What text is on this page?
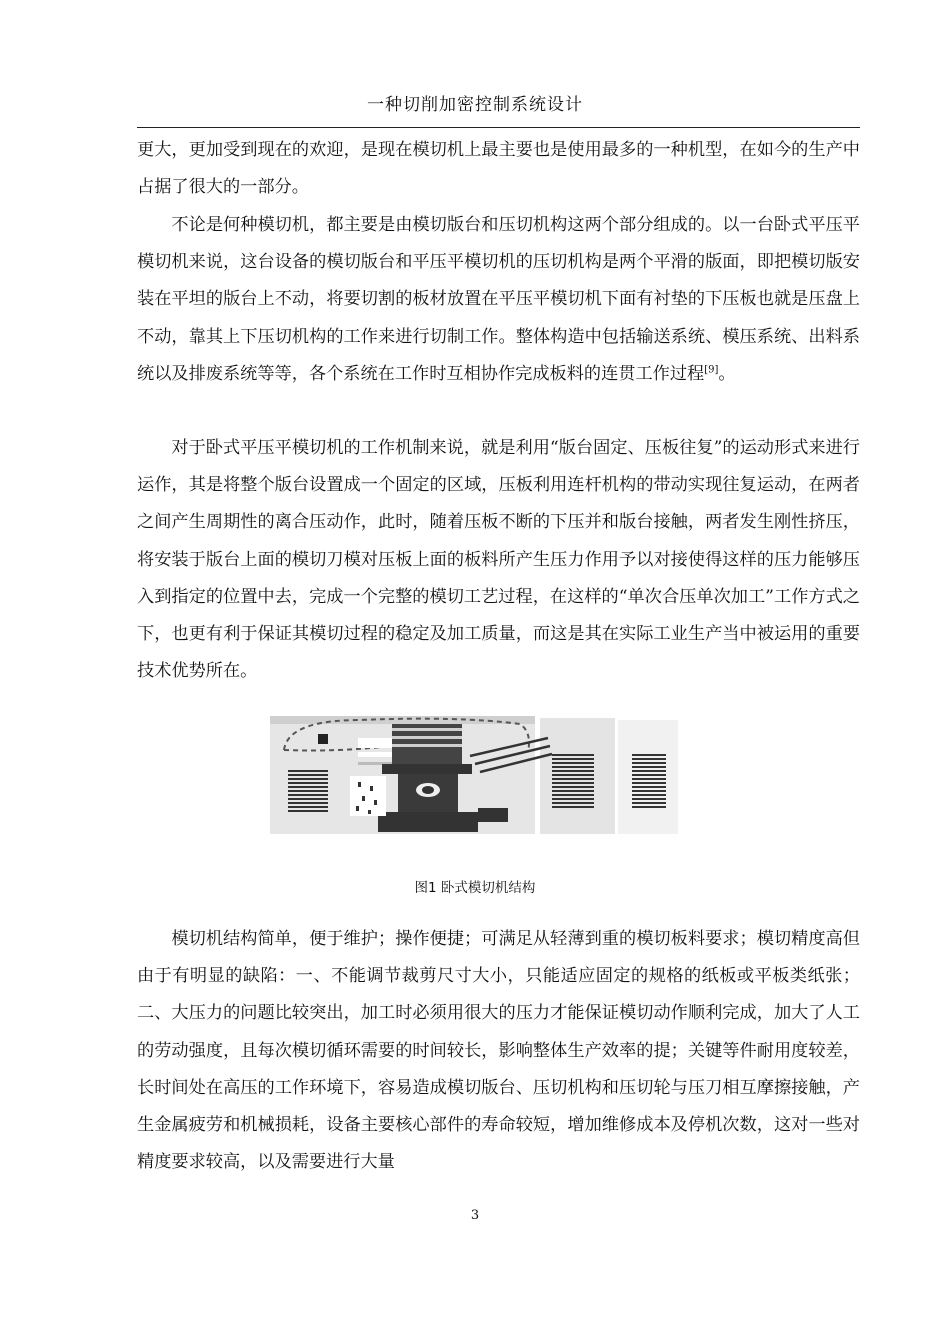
一种切削加密控制系统设计

更大，更加受到现在的欢迎，是现在模切机上最主要也是使用最多的一种机型，在如今的生产中占据了很大的一部分。

不论是何种模切机，都主要是由模切版台和压切机构这两个部分组成的。以一台卧式平压平模切机来说，这台设备的模切版台和平压平模切机的压切机构是两个平滑的版面，即把模切版安装在平坦的版台上不动，将要切割的板材放置在平压平模切机下面有衬垫的下压板也就是压盘上不动，靠其上下压切机构的工作来进行切制工作。整体构造中包括输送系统、模压系统、出料系统以及排废系统等等，各个系统在工作时互相协作完成板料的连贯工作过程[9]。

对于卧式平压平模切机的工作机制来说，就是利用“版台固定、压板往复”的运动形式来进行运作，其是将整个版台设置成一个固定的区域，压板利用连杆机构的带动实现往复运动，在两者之间产生周期性的离合压动作，此时，随着压板不断的下压并和版台接触，两者发生刚性挤压，将安装于版台上面的模切刀模对压板上面的板料所产生压力作用予以对接使得这样的压力能够压入到指定的位置中去，完成一个完整的模切工艺过程，在这样的“单次合压单次加工”工作方式之下，也更有利于保证其模切过程的稳定及加工质量，而这是其在实际工业生产当中被运用的重要技术优势所在。

图1 卧式模切机结构

模切机结构简单，便于维护；操作便捷；可满足从轻薄到重的模切板料要求；模切精度高但由于有明显的缺陷：一、不能调节裁剪尺寸大小，只能适应固定的规格的纸板或平板类纸张；二、大压力的问题比较突出，加工时必须用很大的压力才能保证模切动作顺利完成，加大了人工的劳动强度，且每次模切循环需要的时间较长，影响整体生产效率的提；关键等件耐用度较差，长时间处在高压的工作环境下，容易造成模切版台、压切机构和压切轮与压刀相互摩擦接触，产生金属疲劳和机械损耗，设备主要核心部件的寿命较短，增加维修成本及停机次数，这对一些对精度要求较高，以及需要进行大量

3
